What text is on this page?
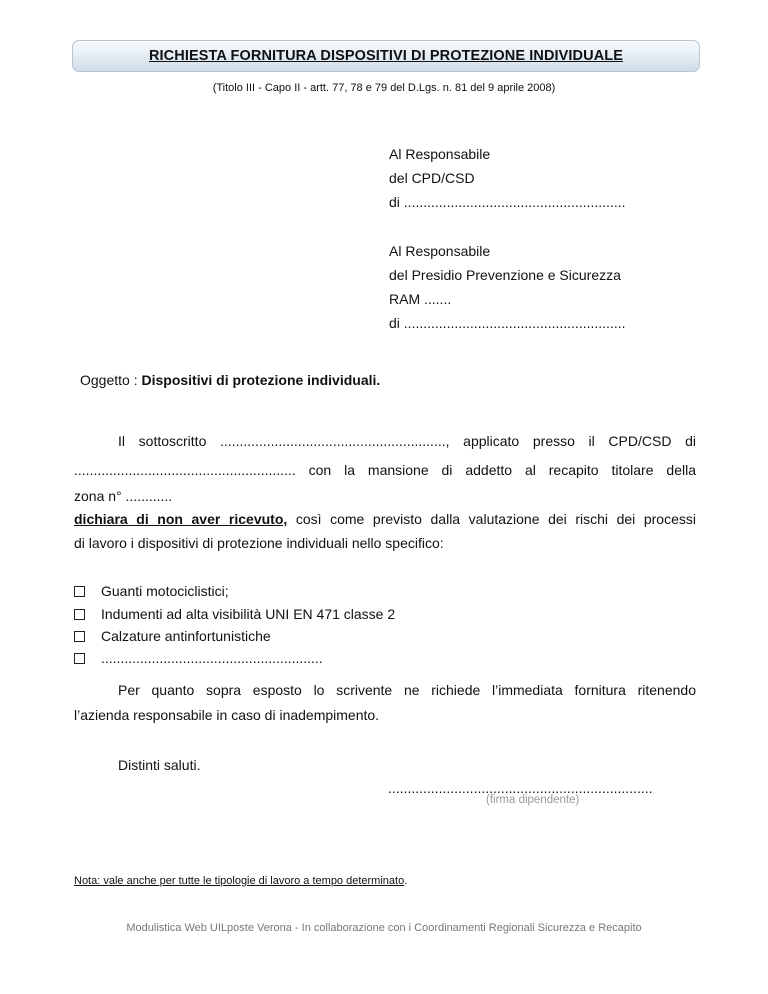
RICHIESTA FORNITURA DISPOSITIVI DI PROTEZIONE INDIVIDUALE
(Titolo III - Capo II - artt. 77, 78 e 79 del D.Lgs. n. 81 del 9 aprile 2008)
Al Responsabile
del CPD/CSD
di .........................................................
Al Responsabile
del Presidio Prevenzione e Sicurezza
RAM .......
di .........................................................
Oggetto : Dispositivi di protezione individuali.
Il sottoscritto .........................................................., applicato presso il CPD/CSD di
......................................................... con la mansione di addetto al recapito titolare della
zona n° ............
dichiara di non aver ricevuto, così come previsto dalla valutazione dei rischi dei processi
di lavoro i dispositivi di protezione individuali nello specifico:
Guanti motociclistici;
Indumenti ad alta visibilità UNI EN 471 classe 2
Calzature antinfortunistiche
.........................................................
Per quanto sopra esposto lo scrivente ne richiede l’immediata fornitura ritenendo
l’azienda responsabile in caso di inadempimento.
Distinti saluti.
....................................................................
(firma dipendente)
Nota: vale anche per tutte le tipologie di lavoro a tempo determinato.
Modulistica Web UILposte Verona - In collaborazione con i Coordinamenti Regionali Sicurezza e Recapito
